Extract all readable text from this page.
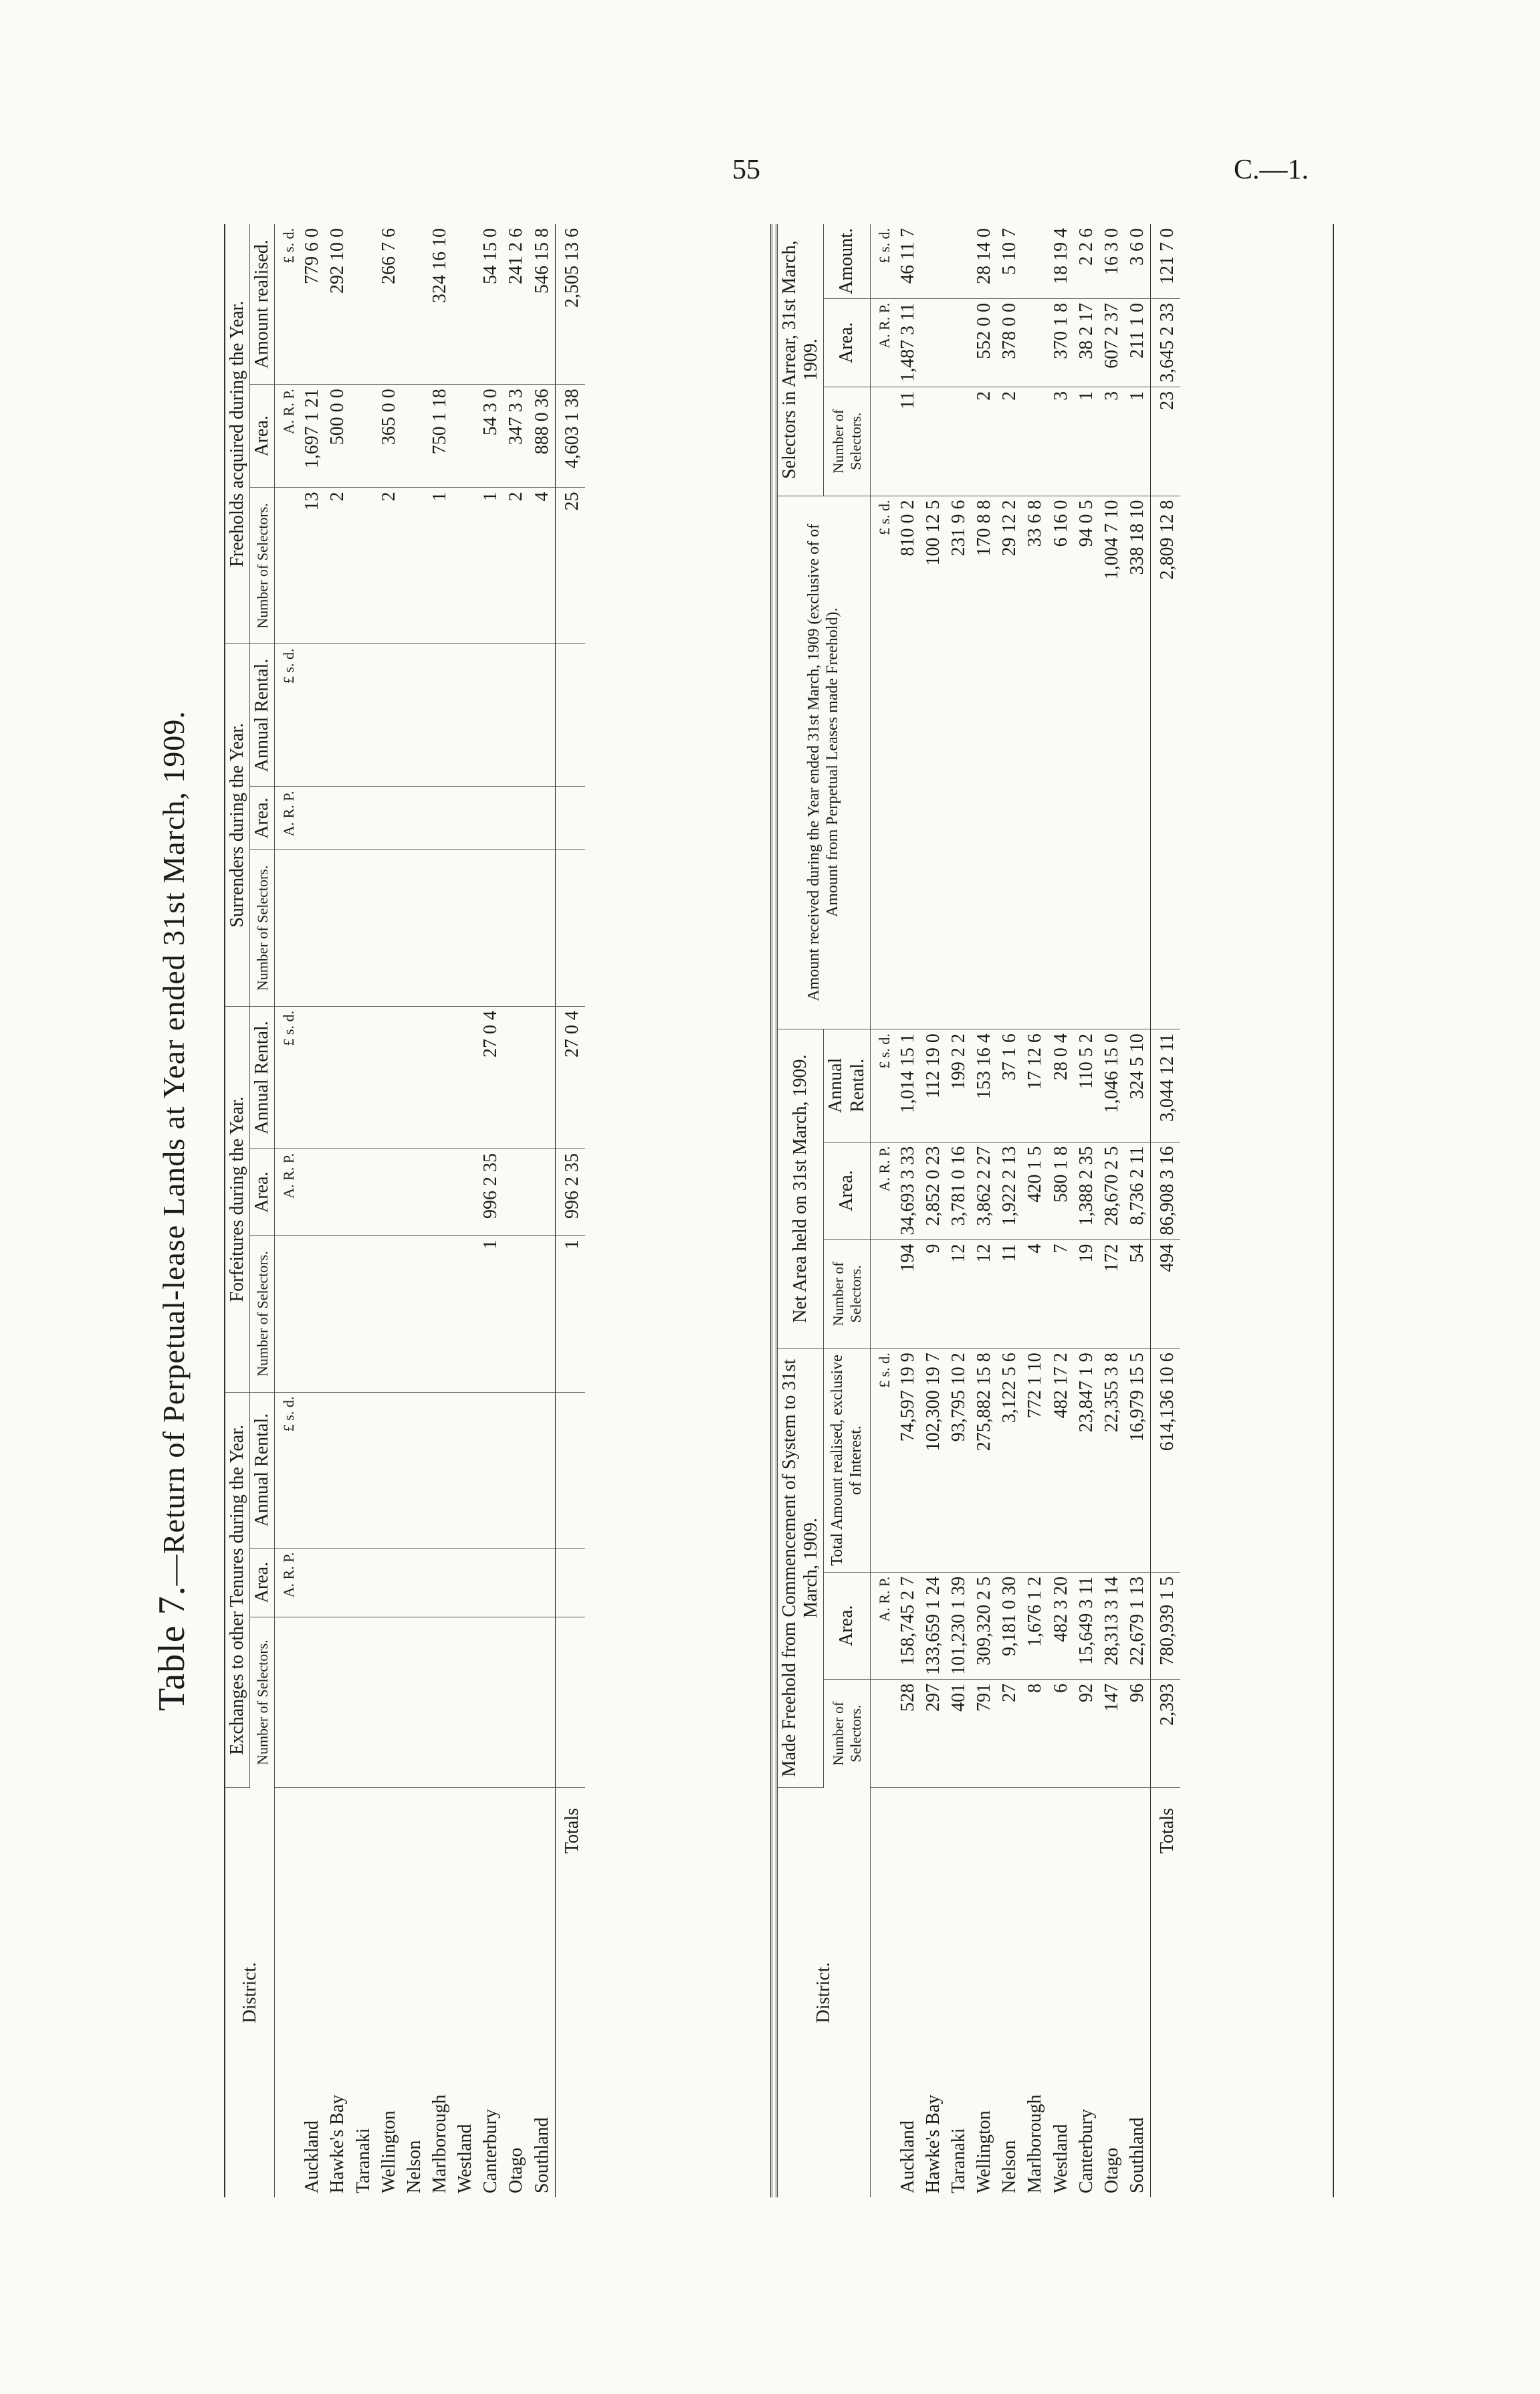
55	C.—1.
Table 7.—Return of Perpetual-lease Lands at Year ended 31st March, 1909.
District.	Exchanges to other Tenures during the Year.			Forfeitures during the Year.			Surrenders during the Year.			Freeholds acquired during the Year.		
	Number of Selectors.	Area.	Annual Rental.	Number of Selectors.	Area.	Annual Rental.	Number of Selectors.	Area.	Annual Rental.	Number of Selectors.	Area.	Amount realised.
		A. R. P.	£ s. d.		A. R. P.	£ s. d.		A. R. P.	£ s. d.		A. R. P.	£ s. d.
Auckland										13	1,697 1 21	779 6 0
Hawke's Bay										2	500 0 0	292 10 0
Taranaki												
Wellington										2	365 0 0	266 7 6
Nelson												
Marlborough										1	750 1 18	324 16 10
Westland												
Canterbury				1	996 2 35	27 0 4				1	54 3 0	54 15 0
Otago										2	347 3 3	241 2 6
Southland										4	888 0 36	546 15 8
Totals				1	996 2 35	27 0 4				25	4,603 1 38	2,505 13 6
District.	Made Freehold from Commencement of System to 31st March, 1909.			Net Area held on 31st March, 1909.			Amount received during the Year ended 31st March, 1909 (exclusive of of Amount from Perpetual Leases made Freehold).	Selectors in Arrear, 31st March, 1909.		
	Number of Selectors.	Area.	Total Amount realised, exclusive of Interest.	Number of Selectors.	Area.	Annual Rental.		Number of Selectors.	Area.	Amount.
		A. R. P.	£ s. d.		A. R. P.	£ s. d.	£ s. d.		A. R. P.	£ s. d.
Auckland	528	158,745 2 7	74,597 19 9	194	34,693 3 33	1,014 15 1	810 0 2	11	1,487 3 11	46 11 7
Hawke's Bay	297	133,659 1 24	102,300 19 7	9	2,852 0 23	112 19 0	100 12 5			
Taranaki	401	101,230 1 39	93,795 10 2	12	3,781 0 16	199 2 2	231 9 6			
Wellington	791	309,320 2 5	275,882 15 8	12	3,862 2 27	153 16 4	170 8 8	2	552 0 0	28 14 0
Nelson	27	9,181 0 30	3,122 5 6	11	1,922 2 13	37 1 6	29 12 2	2	378 0 0	5 10 7
Marlborough	8	1,676 1 2	772 1 10	4	420 1 5	17 12 6	33 6 8			
Westland	6	482 3 20	482 17 2	7	580 1 8	28 0 4	6 16 0	3	370 1 8	18 19 4
Canterbury	92	15,649 3 11	23,847 1 9	19	1,388 2 35	110 5 2	94 0 5	1	38 2 17	2 2 6
Otago	147	28,313 3 14	22,355 3 8	172	28,670 2 5	1,046 15 0	1,004 7 10	3	607 2 37	16 3 0
Southland	96	22,679 1 13	16,979 15 5	54	8,736 2 11	324 5 10	338 18 10	1	211 1 0	3 6 0
Totals	2,393	780,939 1 5	614,136 10 6	494	86,908 3 16	3,044 12 11	2,809 12 8	23	3,645 2 33	121 7 0
